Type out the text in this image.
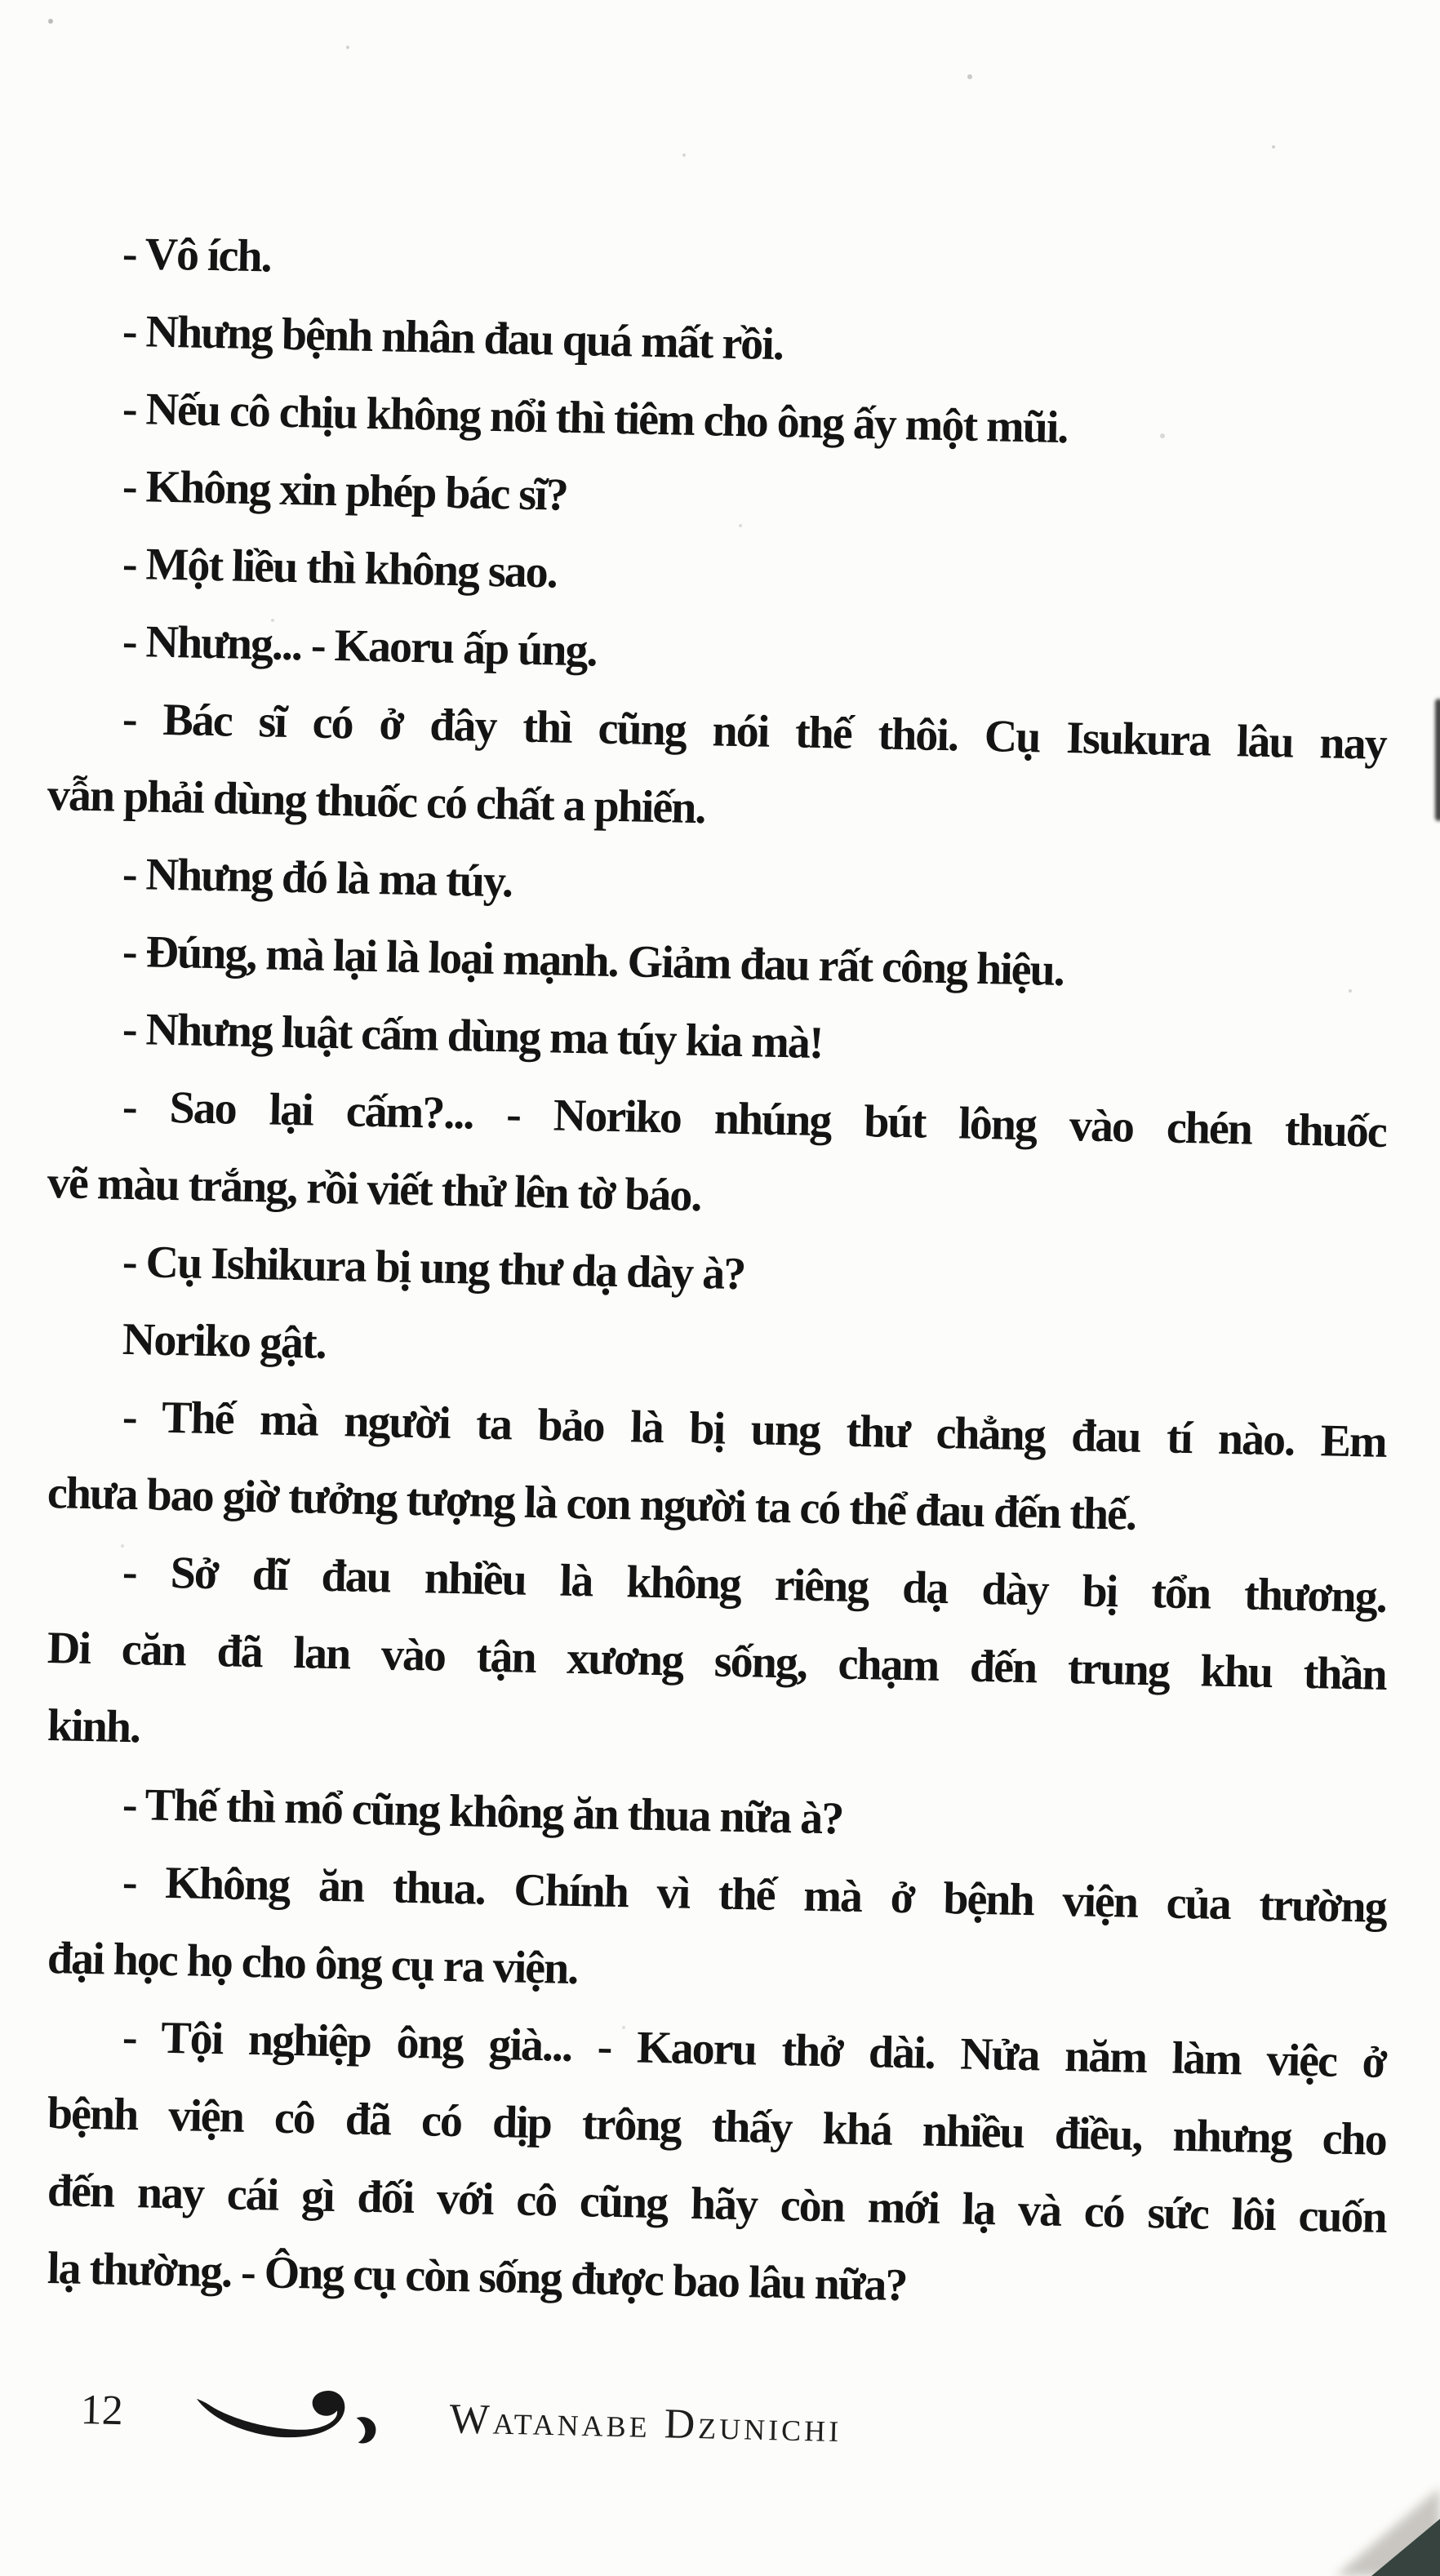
- Vô ích.
- Nhưng bệnh nhân đau quá mất rồi.
- Nếu cô chịu không nổi thì tiêm cho ông ấy một mũi.
- Không xin phép bác sĩ?
- Một liều thì không sao.
- Nhưng... - Kaoru ấp úng.
- Bác sĩ có ở đây thì cũng nói thế thôi. Cụ Isukura lâu nay
vẫn phải dùng thuốc có chất a phiến.
- Nhưng đó là ma túy.
- Đúng, mà lại là loại mạnh. Giảm đau rất công hiệu.
- Nhưng luật cấm dùng ma túy kia mà!
- Sao lại cấm?... - Noriko nhúng bút lông vào chén thuốc
vẽ màu trắng, rồi viết thử lên tờ báo.
- Cụ Ishikura bị ung thư dạ dày à?
Noriko gật.
- Thế mà người ta bảo là bị ung thư chẳng đau tí nào. Em
chưa bao giờ tưởng tượng là con người ta có thể đau đến thế.
- Sở dĩ đau nhiều là không riêng dạ dày bị tổn thương.
Di căn đã lan vào tận xương sống, chạm đến trung khu thần
kinh.
- Thế thì mổ cũng không ăn thua nữa à?
- Không ăn thua. Chính vì thế mà ở bệnh viện của trường
đại học họ cho ông cụ ra viện.
- Tội nghiệp ông già... - Kaoru thở dài. Nửa năm làm việc ở
bệnh viện cô đã có dịp trông thấy khá nhiều điều, nhưng cho
đến nay cái gì đối với cô cũng hãy còn mới lạ và có sức lôi cuốn
lạ thường. - Ông cụ còn sống được bao lâu nữa?
12	Watanabe Dzunichi
